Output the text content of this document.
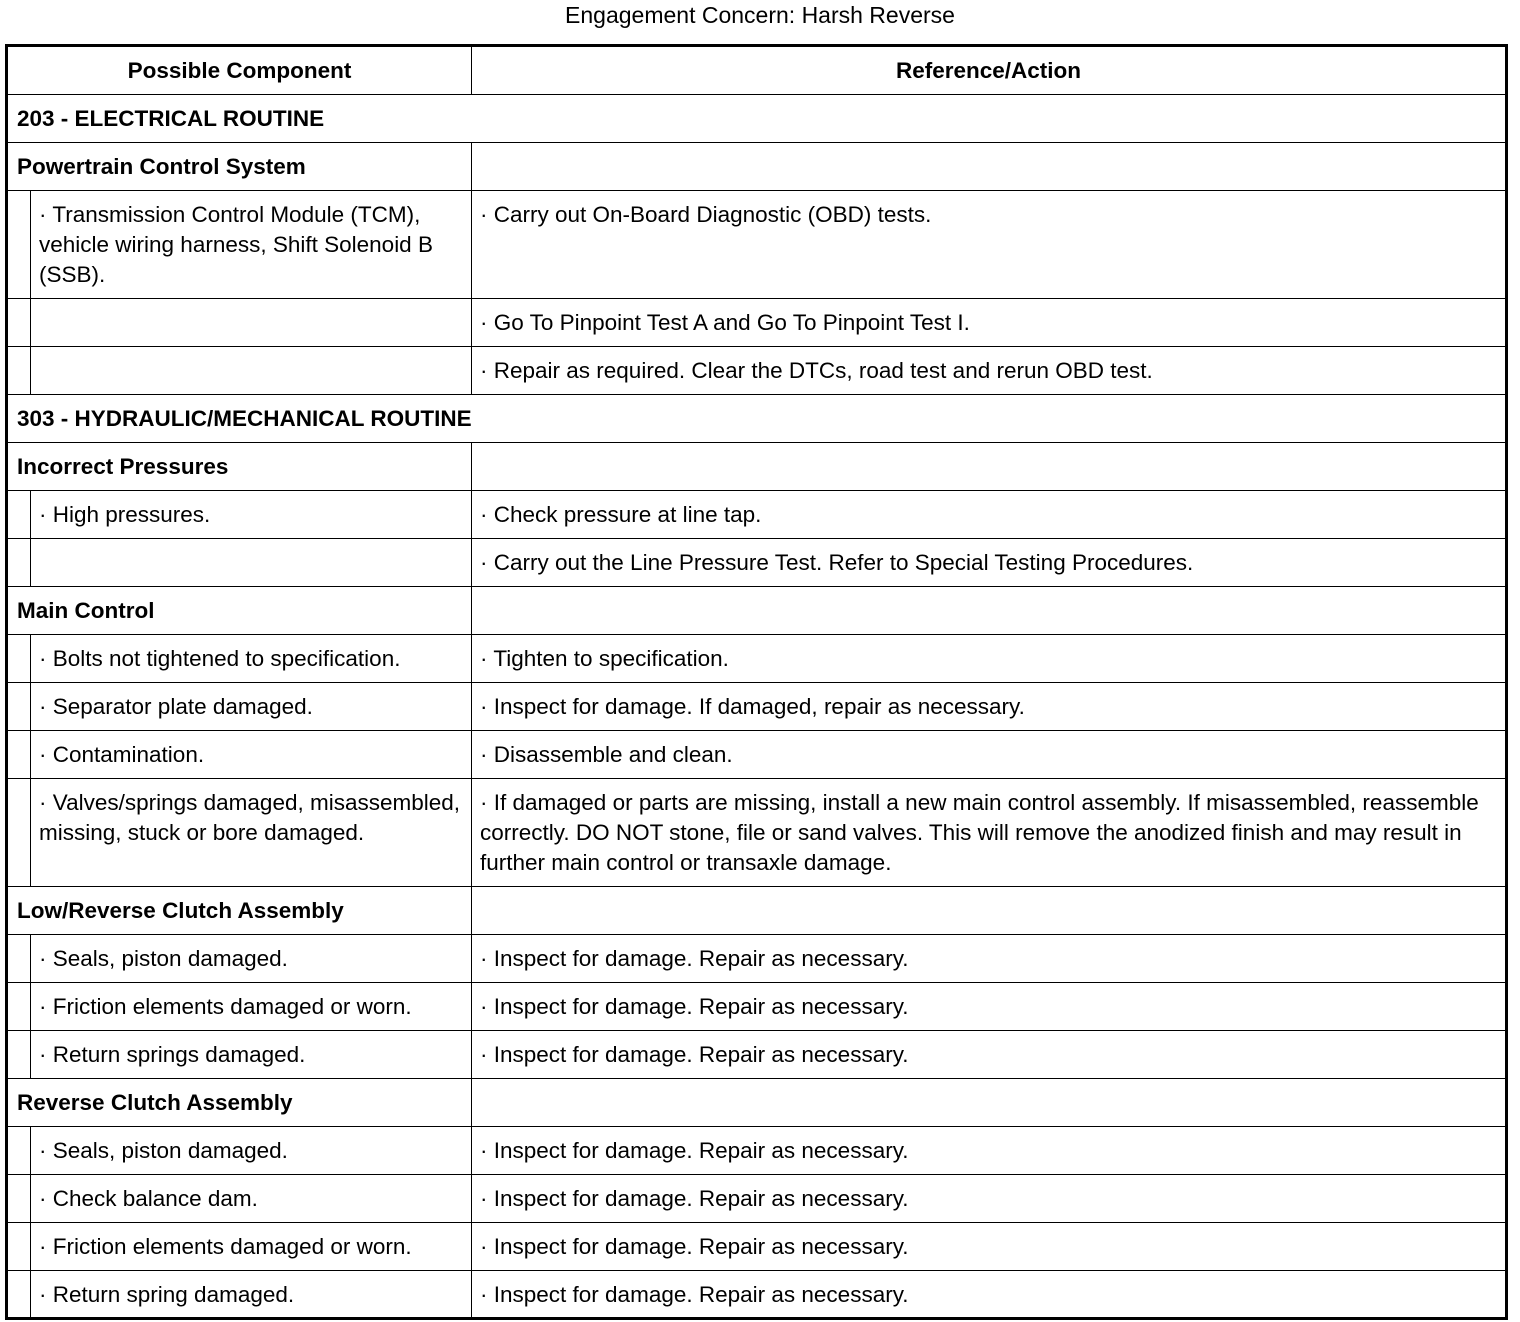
Engagement Concern: Harsh Reverse
Possible Component		Reference/Action
203 - ELECTRICAL ROUTINE		
Powertrain Control System		
	· Transmission Control Module (TCM), vehicle wiring harness, Shift Solenoid B (SSB).	· Carry out On-Board Diagnostic (OBD) tests.
		· Go To Pinpoint Test A and Go To Pinpoint Test I.
		· Repair as required. Clear the DTCs, road test and rerun OBD test.
303 - HYDRAULIC/MECHANICAL ROUTINE		
Incorrect Pressures		
	· High pressures.	· Check pressure at line tap.
		· Carry out the Line Pressure Test. Refer to Special Testing Procedures.
Main Control		
	· Bolts not tightened to specification.	· Tighten to specification.
	· Separator plate damaged.	· Inspect for damage. If damaged, repair as necessary.
	· Contamination.	· Disassemble and clean.
	· Valves/springs damaged, misassembled, missing, stuck or bore damaged.	· If damaged or parts are missing, install a new main control assembly. If misassembled, reassemble correctly. DO NOT stone, file or sand valves. This will remove the anodized finish and may result in further main control or transaxle damage.
Low/Reverse Clutch Assembly		
	· Seals, piston damaged.	· Inspect for damage. Repair as necessary.
	· Friction elements damaged or worn.	· Inspect for damage. Repair as necessary.
	· Return springs damaged.	· Inspect for damage. Repair as necessary.
Reverse Clutch Assembly		
	· Seals, piston damaged.	· Inspect for damage. Repair as necessary.
	· Check balance dam.	· Inspect for damage. Repair as necessary.
	· Friction elements damaged or worn.	· Inspect for damage. Repair as necessary.
	· Return spring damaged.	· Inspect for damage. Repair as necessary.
